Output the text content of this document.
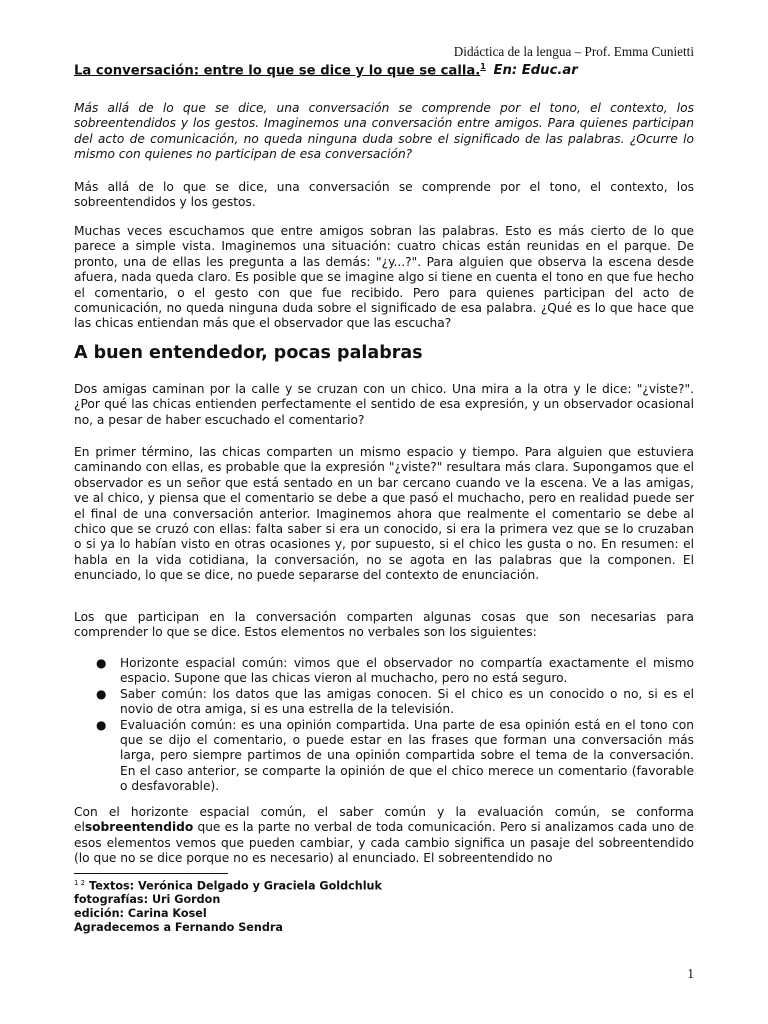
Didáctica de la lengua – Prof. Emma Cunietti
La conversación: entre lo que se dice y lo que se calla.$^1$ En: Educ.ar

Más allá de lo que se dice, una conversación se comprende por el tono, el contexto, los sobreentendidos y los gestos. Imaginemos una conversación entre amigos. Para quienes participan del acto de comunicación, no queda ninguna duda sobre el significado de las palabras. ¿Ocurre lo mismo con quienes no participan de esa conversación?

Más allá de lo que se dice, una conversación se comprende por el tono, el contexto, los sobreentendidos y los gestos.

Muchas veces escuchamos que entre amigos sobran las palabras. Esto es más cierto de lo que parece a simple vista. Imaginemos una situación: cuatro chicas están reunidas en el parque. De pronto, una de ellas les pregunta a las demás: "¿y...?". Para alguien que observa la escena desde afuera, nada queda claro. Es posible que se imagine algo si tiene en cuenta el tono en que fue hecho el comentario, o el gesto con que fue recibido. Pero para quienes participan del acto de comunicación, no queda ninguna duda sobre el significado de esa palabra. ¿Qué es lo que hace que las chicas entiendan más que el observador que las escucha?

A buen entendedor, pocas palabras

Dos amigas caminan por la calle y se cruzan con un chico. Una mira a la otra y le dice: "¿viste?". ¿Por qué las chicas entienden perfectamente el sentido de esa expresión, y un observador ocasional no, a pesar de haber escuchado el comentario?

En primer término, las chicas comparten un mismo espacio y tiempo. Para alguien que estuviera caminando con ellas, es probable que la expresión "¿viste?" resultara más clara. Supongamos que el observador es un señor que está sentado en un bar cercano cuando ve la escena. Ve a las amigas, ve al chico, y piensa que el comentario se debe a que pasó el muchacho, pero en realidad puede ser el final de una conversación anterior. Imaginemos ahora que realmente el comentario se debe al chico que se cruzó con ellas: falta saber si era un conocido, si era la primera vez que se lo cruzaban o si ya lo habían visto en otras ocasiones y, por supuesto, si el chico les gusta o no. En resumen: el habla en la vida cotidiana, la conversación, no se agota en las palabras que la componen. El enunciado, lo que se dice, no puede separarse del contexto de enunciación.

Los que participan en la conversación comparten algunas cosas que son necesarias para comprender lo que se dice. Estos elementos no verbales son los siguientes:

● Horizonte espacial común: vimos que el observador no compartía exactamente el mismo espacio. Supone que las chicas vieron al muchacho, pero no está seguro.
● Saber común: los datos que las amigas conocen. Si el chico es un conocido o no, si es el novio de otra amiga, si es una estrella de la televisión.
● Evaluación común: es una opinión compartida. Una parte de esa opinión está en el tono con que se dijo el comentario, o puede estar en las frases que forman una conversación más larga, pero siempre partimos de una opinión compartida sobre el tema de la conversación. En el caso anterior, se comparte la opinión de que el chico merece un comentario (favorable o desfavorable).

Con el horizonte espacial común, el saber común y la evaluación común, se conforma elsobreentendido que es la parte no verbal de toda comunicación. Pero si analizamos cada uno de esos elementos vemos que pueden cambiar, y cada cambio significa un pasaje del sobreentendido (lo que no se dice porque no es necesario) al enunciado. El sobreentendido no

$^{1 2}$ Textos: Verónica Delgado y Graciela Goldchluk
fotografías: Uri Gordon
edición: Carina Kosel
Agradecemos a Fernando Sendra
1
